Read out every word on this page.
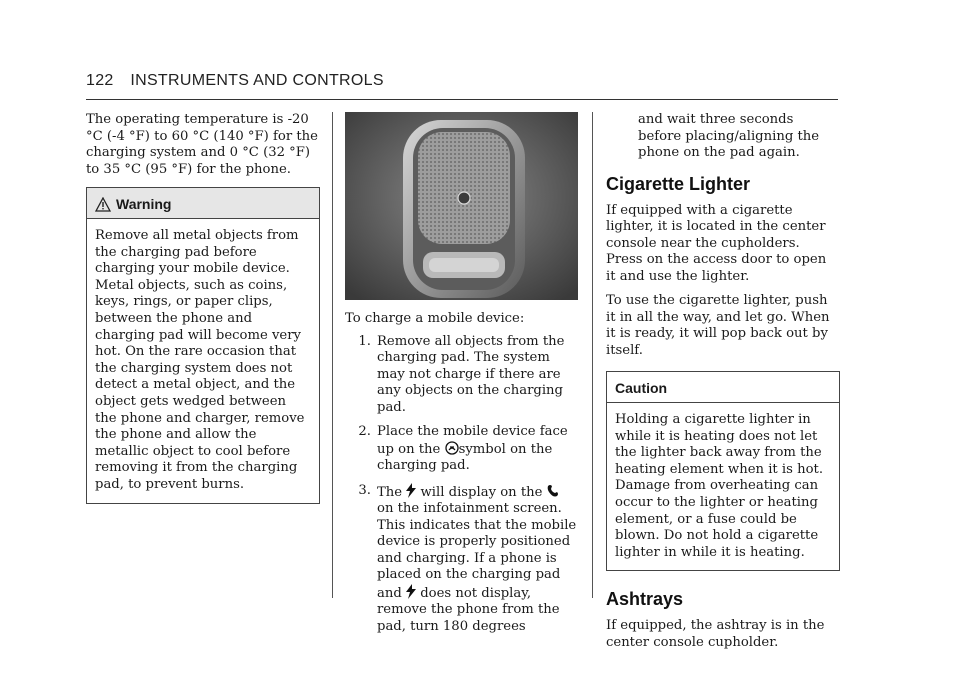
122 INSTRUMENTS AND CONTROLS

The operating temperature is -20 °C (-4 °F) to 60 °C (140 °F) for the charging system and 0 °C (32 °F) to 35 °C (95 °F) for the phone.

Warning

Remove all metal objects from the charging pad before charging your mobile device. Metal objects, such as coins, keys, rings, or paper clips, between the phone and charging pad will become very hot. On the rare occasion that the charging system does not detect a metal object, and the object gets wedged between the phone and charger, remove the phone and allow the metallic object to cool before removing it from the charging pad, to prevent burns.

To charge a mobile device:

1. Remove all objects from the charging pad. The system may not charge if there are any objects on the charging pad.

2. Place the mobile device face up on the symbol on the charging pad.

3. The will display on the  on the infotainment screen. This indicates that the mobile device is properly positioned and charging. If a phone is placed on the charging pad and does not display, remove the phone from the pad, turn 180 degrees

and wait three seconds before placing/aligning the phone on the pad again.

Cigarette Lighter

If equipped with a cigarette lighter, it is located in the center console near the cupholders. Press on the access door to open it and use the lighter.

To use the cigarette lighter, push it in all the way, and let go. When it is ready, it will pop back out by itself.

Caution

Holding a cigarette lighter in while it is heating does not let the lighter back away from the heating element when it is hot. Damage from overheating can occur to the lighter or heating element, or a fuse could be blown. Do not hold a cigarette lighter in while it is heating.

Ashtrays

If equipped, the ashtray is in the center console cupholder.
